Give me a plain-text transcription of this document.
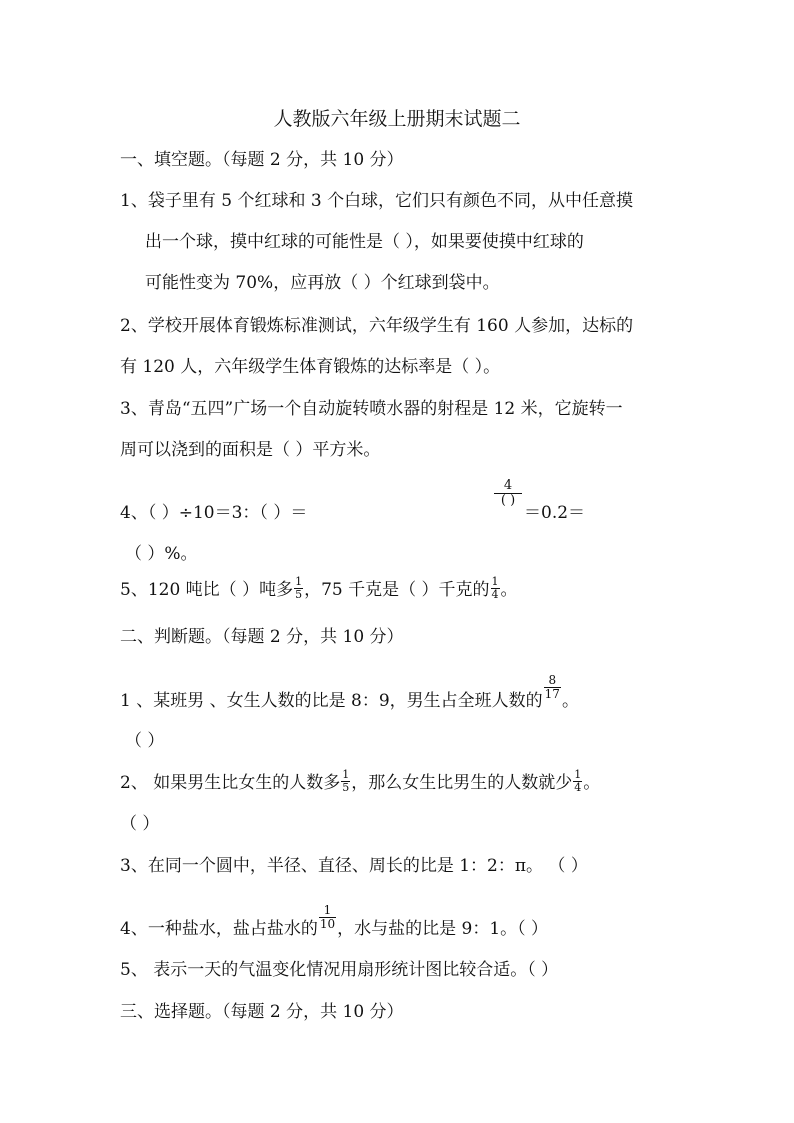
人教版六年级上册期末试题二
一、填空题。（每题 2 分，共 10 分）
1、袋子里有 5 个红球和 3 个白球，它们只有颜色不同，从中任意摸
出一个球，摸中红球的可能性是（ ），如果要使摸中红球的
可能性变为 70%，应再放（ ）个红球到袋中。
2、学校开展体育锻炼标准测试，六年级学生有 160 人参加，达标的
有 120 人，六年级学生体育锻炼的达标率是（ ）。
3、青岛“五四”广场一个自动旋转喷水器的射程是 12 米，它旋转一
周可以浇到的面积是（ ）平方米。
4
( )
4、（ ）÷10＝3：（ ）＝	＝0.2＝
（ ）%。
5、120 吨比（ ）吨多 $\frac{1}{5}$ ，75 千克是（ ）千克的 $\frac{1}{4}$ 。
二、判断题。（每题 2 分，共 10 分）
1 、某班男 、女生人数的比是 8：9，男生占全班人数的 $\frac{8}{17}$ 。
（ ）
2、 如果男生比女生的人数多 $\frac{1}{5}$ ，那么女生比男生的人数就少 $\frac{1}{4}$ 。
（ ）
3、在同一个圆中，半径、直径、周长的比是 1：2：π。 （ ）
4、一种盐水，盐占盐水的 $\frac{1}{10}$ ，水与盐的比是 9：1。（ ）
5、 表示一天的气温变化情况用扇形统计图比较合适。（ ）
三、选择题。（每题 2 分，共 10 分）
